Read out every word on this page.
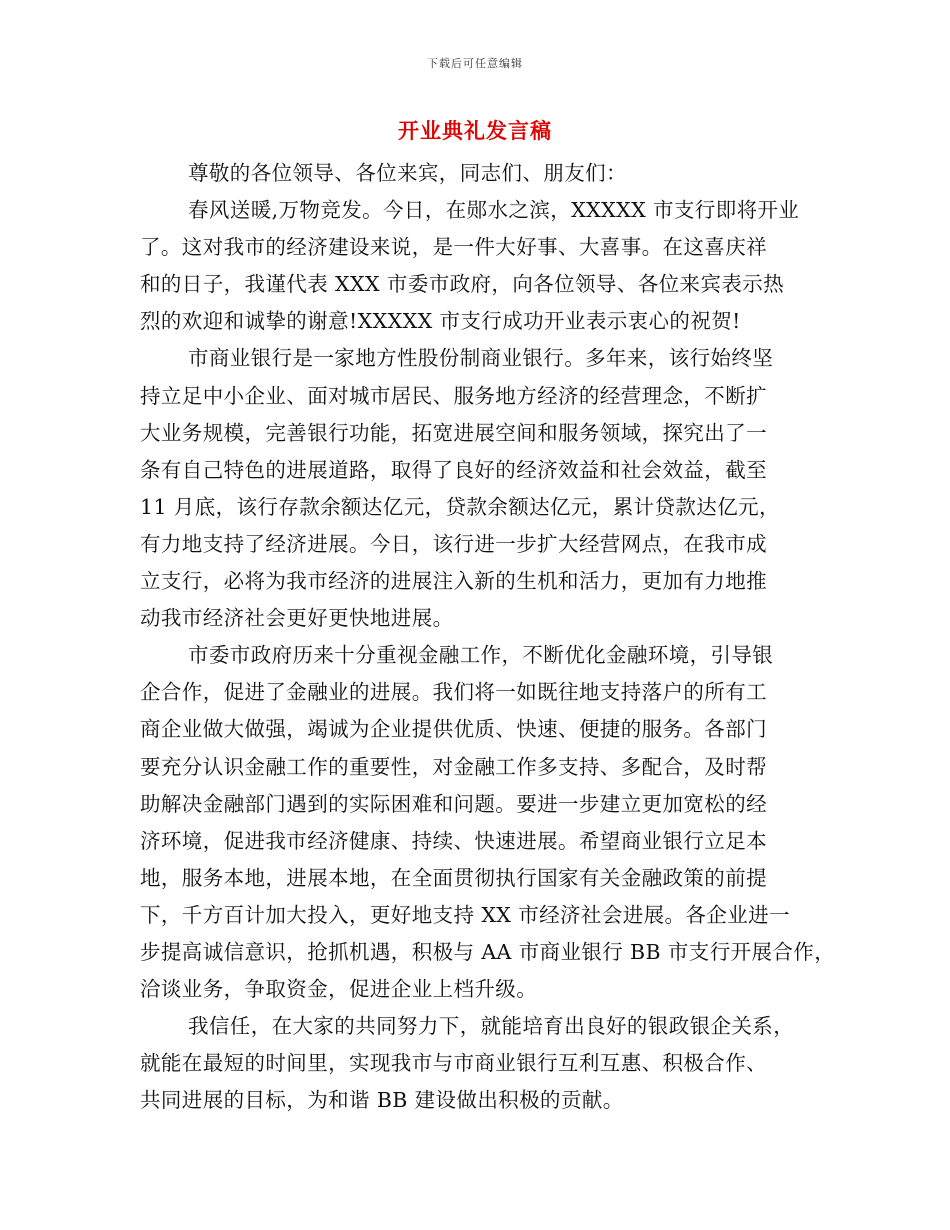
下载后可任意编辑
开业典礼发言稿
尊敬的各位领导、各位来宾，同志们、朋友们：
春风送暖,万物竞发。今日，在郧水之滨，XXXXX 市支行即将开业
了。这对我市的经济建设来说，是一件大好事、大喜事。在这喜庆祥
和的日子，我谨代表 XXX 市委市政府，向各位领导、各位来宾表示热
烈的欢迎和诚挚的谢意!XXXXX 市支行成功开业表示衷心的祝贺!
市商业银行是一家地方性股份制商业银行。多年来，该行始终坚
持立足中小企业、面对城市居民、服务地方经济的经营理念，不断扩
大业务规模，完善银行功能，拓宽进展空间和服务领域，探究出了一
条有自己特色的进展道路，取得了良好的经济效益和社会效益，截至
11 月底，该行存款余额达亿元，贷款余额达亿元，累计贷款达亿元，
有力地支持了经济进展。今日，该行进一步扩大经营网点，在我市成
立支行，必将为我市经济的进展注入新的生机和活力，更加有力地推
动我市经济社会更好更快地进展。
市委市政府历来十分重视金融工作，不断优化金融环境，引导银
企合作，促进了金融业的进展。我们将一如既往地支持落户的所有工
商企业做大做强，竭诚为企业提供优质、快速、便捷的服务。各部门
要充分认识金融工作的重要性，对金融工作多支持、多配合，及时帮
助解决金融部门遇到的实际困难和问题。要进一步建立更加宽松的经
济环境，促进我市经济健康、持续、快速进展。希望商业银行立足本
地，服务本地，进展本地，在全面贯彻执行国家有关金融政策的前提
下，千方百计加大投入，更好地支持 XX 市经济社会进展。各企业进一
步提高诚信意识，抢抓机遇，积极与 AA 市商业银行 BB 市支行开展合作，
洽谈业务，争取资金，促进企业上档升级。
我信任，在大家的共同努力下，就能培育出良好的银政银企关系，
就能在最短的时间里，实现我市与市商业银行互利互惠、积极合作、
共同进展的目标，为和谐 BB 建设做出积极的贡献。
